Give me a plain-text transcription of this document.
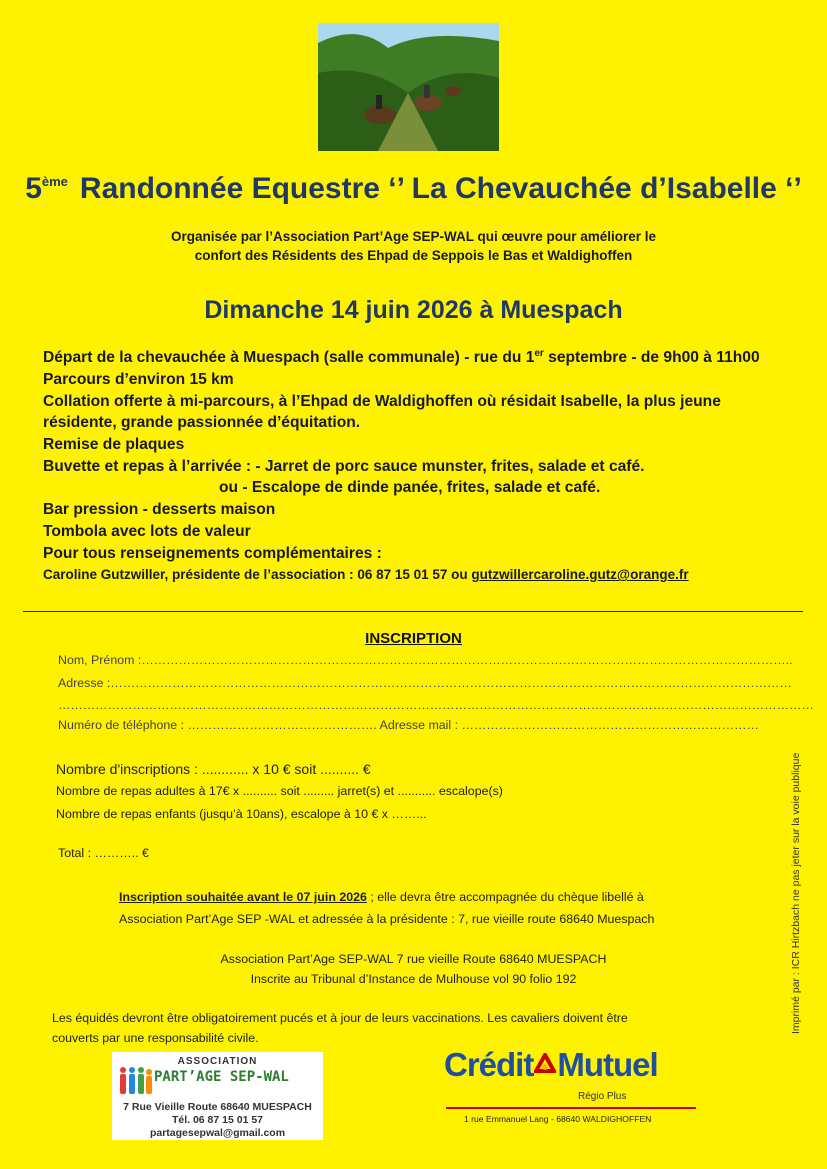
5ème Randonnée Equestre ‘’ La Chevauchée d’Isabelle ‘’
Organisée par l’Association Part’Age SEP-WAL qui œuvre pour améliorer le
confort des Résidents des Ehpad de Seppois le Bas et Waldighoffen
Dimanche 14 juin 2026 à Muespach
Départ de la chevauchée à Muespach (salle communale) - rue du 1er septembre - de 9h00 à 11h00
Parcours d’environ 15 km
Collation offerte à mi-parcours, à l’Ehpad de Waldighoffen où résidait Isabelle, la plus jeune
résidente, grande passionnée d’équitation.
Remise de plaques
Buvette et repas à l’arrivée : - Jarret de porc sauce munster, frites, salade et café.
ou - Escalope de dinde panée, frites, salade et café.
Bar pression - desserts maison
Tombola avec lots de valeur
Pour tous renseignements complémentaires :
Caroline Gutzwiller, présidente de l’association : 06 87 15 01 57 ou gutzwillercaroline.gutz@orange.fr
INSCRIPTION
Nom, Prénom :…………………………………………………………………………………………………………………………………………..
Adresse :…………………………………………………………………………………………………………………………………………………
…………………………………………………………………………………………………………………………………………………………………
Numéro de téléphone : ………………………………………. Adresse mail : ………………………………………………………………
Nombre d'inscriptions : ............ x 10 € soit .......... €
Nombre de repas adultes à 17€ x .......... soit ......... jarret(s) et ........... escalope(s)
Nombre de repas enfants (jusqu’à 10ans), escalope à 10 € x ……...
Total : ……….. €
Inscription souhaitée avant le 07 juin 2026 ; elle devra être accompagnée du chèque libellé à
Association Part’Age SEP -WAL et adressée à la présidente : 7, rue vieille route 68640 Muespach
Association Part’Age SEP-WAL 7 rue vieille Route 68640 MUESPACH
Inscrite au Tribunal d’Instance de Mulhouse vol 90 folio 192
Les équidés devront être obligatoirement pucés et à jour de leurs vaccinations. Les cavaliers doivent être
couverts par une responsabilité civile.
Imprimé par : ICR Hirtzbach ne pas jeter sur la voie publique
ASSOCIATION
PART’AGE SEP-WAL
7 Rue Vieille Route 68640 MUESPACH
Tél. 06 87 15 01 57
partagesepwal@gmail.com
Crédit Mutuel
Régio Plus
1 rue Emmanuel Lang - 68640 WALDIGHOFFEN
